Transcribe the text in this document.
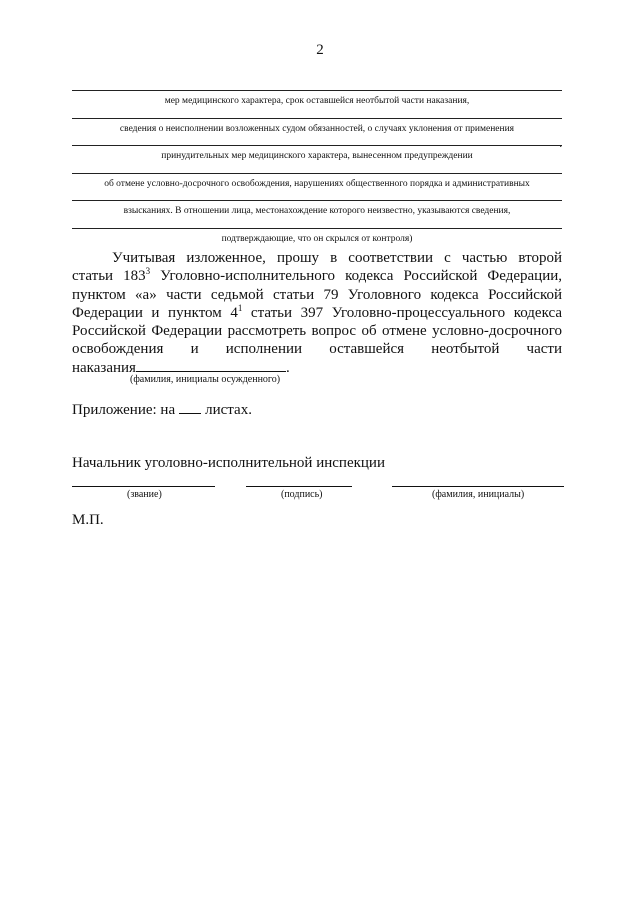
2
мер медицинского характера, срок оставшейся неотбытой части наказания,
сведения о неисполнении возложенных судом обязанностей, о случаях уклонения от применения
.
принудительных мер медицинского характера, вынесенном предупреждении
об отмене условно-досрочного освобождения, нарушениях общественного порядка и административных
взысканиях. В отношении лица, местонахождение которого неизвестно, указываются сведения,
подтверждающие, что он скрылся от контроля)

Учитывая изложенное, прошу в соответствии с частью второй

статьи $183^3$ Уголовно-исполнительного кодекса Российской Федерации,

пунктом «а» части седьмой статьи 79 Уголовного кодекса Российской

Федерации и пунктом $4^1$ статьи 397 Уголовно-процессуального кодекса

Российской Федерации рассмотреть вопрос об отмене условно-досрочного

освобождения и исполнении оставшейся неотбытой части

наказания	.

(фамилия, инициалы осужденного)
Приложение: на листах.
Начальник уголовно-исполнительной инспекции
(звание)	(подпись)	(фамилия, инициалы)
М.П.
